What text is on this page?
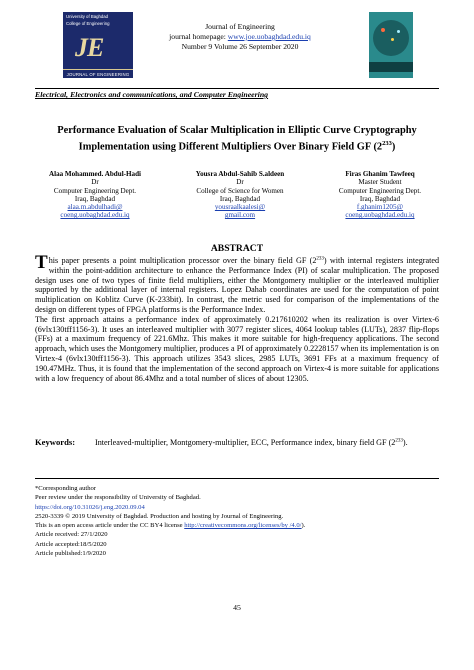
University of Baghdad
College of Engineering
JE
JOURNAL OF ENGINEERING
Journal of Engineering
journal homepage: www.joe.uobaghdad.edu.iq
Number 9 Volume 26 September 2020
Electrical, Electronics and communications, and Computer Engineering
Performance Evaluation of Scalar Multiplication in Elliptic Curve Cryptography Implementation using Different Multipliers Over Binary Field GF $(2^{233})$
Alaa Mohammed. Abdul-Hadi
Dr
Computer Engineering Dept.
Iraq, Baghdad
alaa.m.abdulhadi@
coeng.uobaghdad.edu.iq
Yousra Abdul-Sahib S.aldeen
Dr
College of Science for Women
Iraq, Baghdad
yousraalkaalesi@
gmail.com
Firas Ghanim Tawfeeq
Master Student
Computer Engineering Dept.
Iraq, Baghdad
f.ghanim1205@
coeng.uobaghdad.edu.iq
ABSTRACT

This paper presents a point multiplication processor over the binary field GF $(2^{233})$ with internal registers integrated within the point-addition architecture to enhance the Performance Index (PI) of scalar multiplication. The proposed design uses one of two types of finite field multipliers, either the Montgomery multiplier or the interleaved multiplier supported by the additional layer of internal registers. Lopez Dahab coordinates are used for the computation of point multiplication on Koblitz Curve (K-233bit). In contrast, the metric used for comparison of the implementations of the design on different types of FPGA platforms is the Performance Index.

The first approach attains a performance index of approximately 0.217610202 when its realization is over Virtex-6 (6vlx130tff1156-3). It uses an interleaved multiplier with 3077 register slices, 4064 lookup tables (LUTs), 2837 flip-flops (FFs) at a maximum frequency of 221.6Mhz. This makes it more suitable for high-frequency applications. The second approach, which uses the Montgomery multiplier, produces a PI of approximately 0.2228157 when its implementation is on Virtex-4 (6vlx130tff1156-3). This approach utilizes 3543 slices, 2985 LUTs, 3691 FFs at a maximum frequency of 190.47MHz. Thus, it is found that the implementation of the second approach on Virtex-4 is more suitable for applications with a low frequency of about 86.4Mhz and a total number of slices of about 12305.

Keywords:	Interleaved-multiplier, Montgomery-multiplier, ECC, Performance index, binary field GF $(2^{233})$.
*Corresponding author
Peer review under the responsibility of University of Baghdad.
https://doi.org/10.31026/j.eng.2020.09.04
2520-3339 © 2019 University of Baghdad. Production and hosting by Journal of Engineering.
This is an open access article under the CC BY4 license http://creativecommons.org/licenses/by /4.0/).
Article received: 27/1/2020
Article accepted:18/5/2020
Article published:1/9/2020
45
